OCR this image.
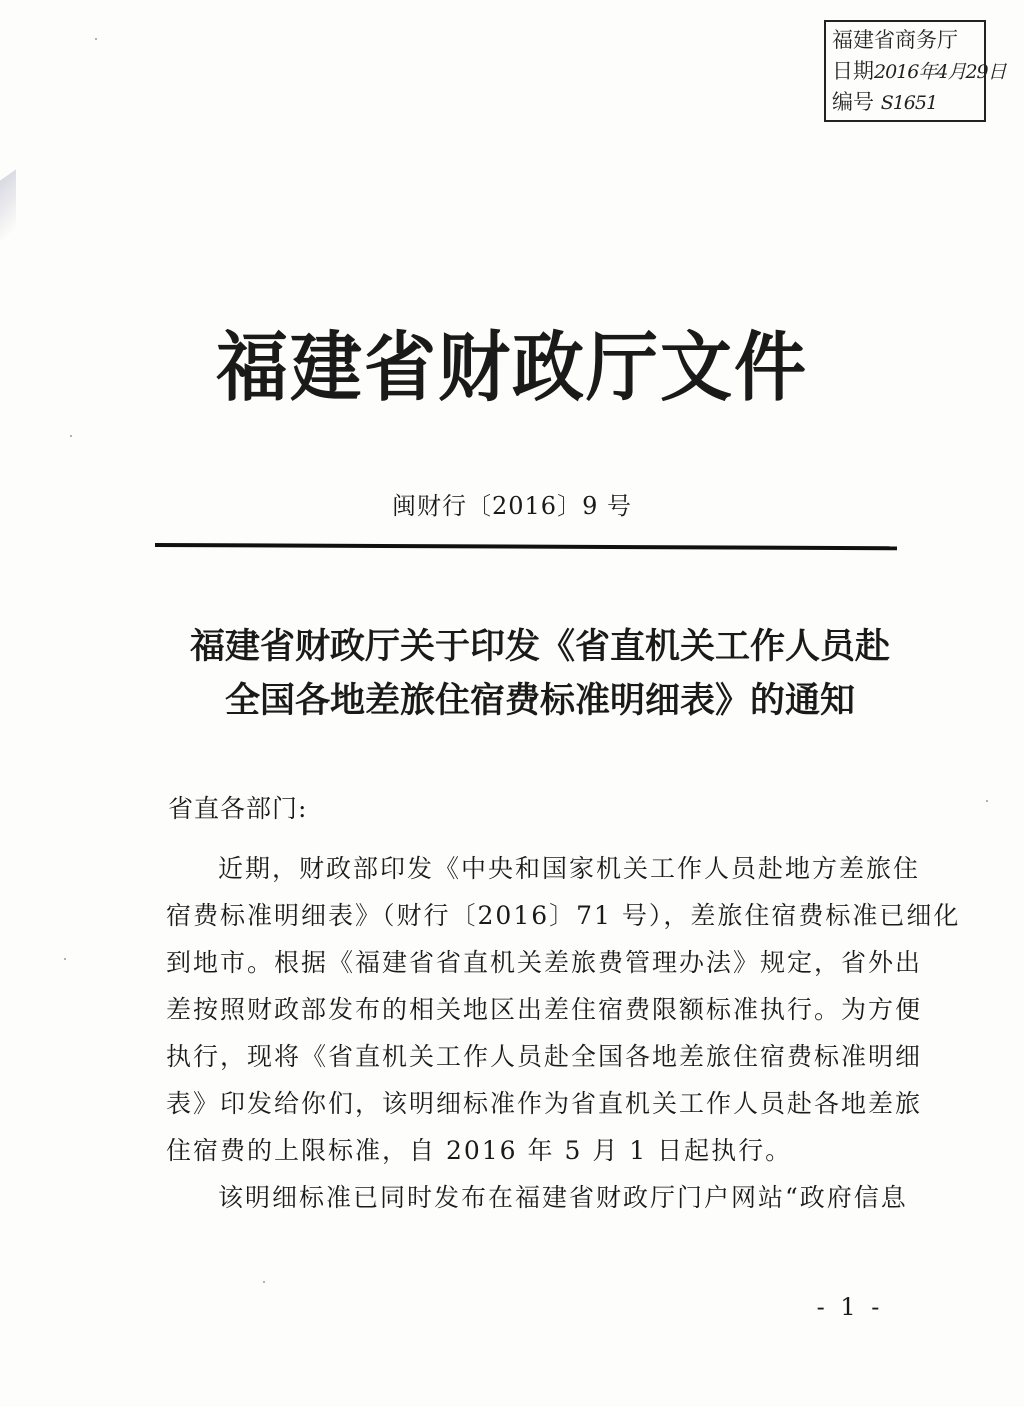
福建省商务厅
日期2016年4月29日
编号 S1651
福建省财政厅文件
闽财行〔2016〕9 号
福建省财政厅关于印发《省直机关工作人员赴
全国各地差旅住宿费标准明细表》的通知
省直各部门:
近期，财政部印发《中央和国家机关工作人员赴地方差旅住
宿费标准明细表》（财行〔2016〕71 号），差旅住宿费标准已细化
到地市。根据《福建省省直机关差旅费管理办法》规定，省外出
差按照财政部发布的相关地区出差住宿费限额标准执行。为方便
执行，现将《省直机关工作人员赴全国各地差旅住宿费标准明细
表》印发给你们，该明细标准作为省直机关工作人员赴各地差旅
住宿费的上限标准，自 2016 年 5 月 1 日起执行。
该明细标准已同时发布在福建省财政厅门户网站“政府信息
- 1 -
